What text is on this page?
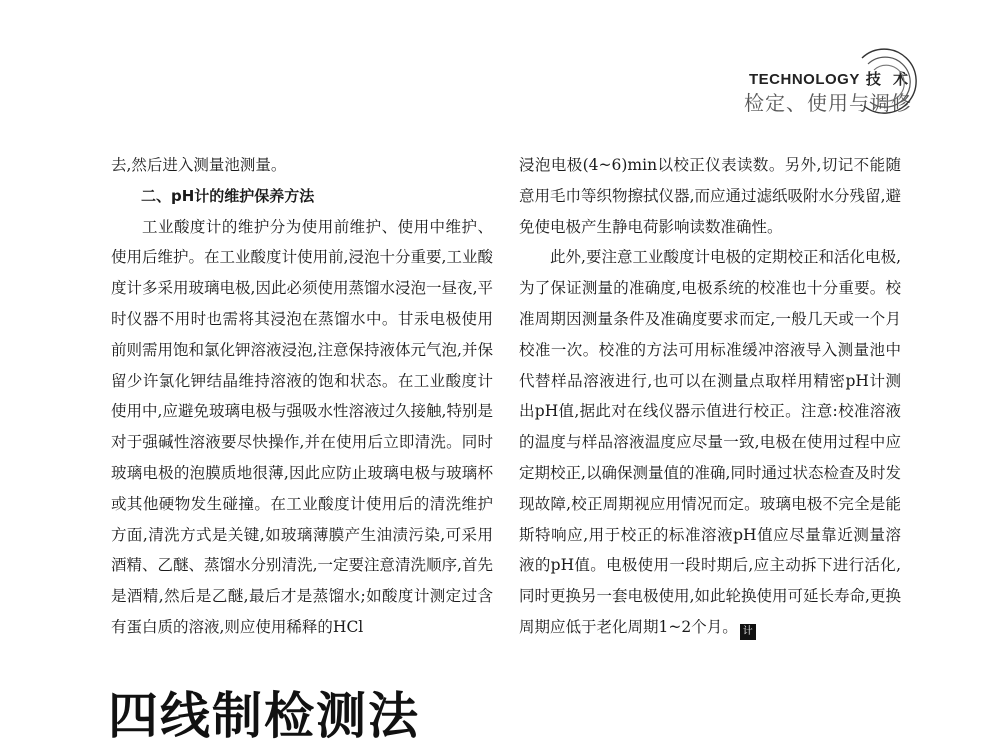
TECHNOLOGY 技 术
检定、使用与调修

去,然后进入测量池测量。

二、pH计的维护保养方法

工业酸度计的维护分为使用前维护、使用中维护、使用后维护。在工业酸度计使用前,浸泡十分重要,工业酸度计多采用玻璃电极,因此必须使用蒸馏水浸泡一昼夜,平时仪器不用时也需将其浸泡在蒸馏水中。甘汞电极使用前则需用饱和氯化钾溶液浸泡,注意保持液体元气泡,并保留少许氯化钾结晶维持溶液的饱和状态。在工业酸度计使用中,应避免玻璃电极与强吸水性溶液过久接触,特别是对于强碱性溶液要尽快操作,并在使用后立即清洗。同时玻璃电极的泡膜质地很薄,因此应防止玻璃电极与玻璃杯或其他硬物发生碰撞。在工业酸度计使用后的清洗维护方面,清洗方式是关键,如玻璃薄膜产生油渍污染,可采用酒精、乙醚、蒸馏水分别清洗,一定要注意清洗顺序,首先是酒精,然后是乙醚,最后才是蒸馏水;如酸度计测定过含有蛋白质的溶液,则应使用稀释的HCl

浸泡电极(4~6)min以校正仪表读数。另外,切记不能随意用毛巾等织物擦拭仪器,而应通过滤纸吸附水分残留,避免使电极产生静电荷影响读数准确性。

此外,要注意工业酸度计电极的定期校正和活化电极,为了保证测量的准确度,电极系统的校准也十分重要。校准周期因测量条件及准确度要求而定,一般几天或一个月校准一次。校准的方法可用标准缓冲溶液导入测量池中代替样品溶液进行,也可以在测量点取样用精密pH计测出pH值,据此对在线仪器示值进行校正。注意:校准溶液的温度与样品溶液温度应尽量一致,电极在使用过程中应定期校正,以确保测量值的准确,同时通过状态检查及时发现故障,校正周期视应用情况而定。玻璃电极不完全是能斯特响应,用于校正的标准溶液pH值应尽量靠近测量溶液的pH值。电极使用一段时期后,应主动拆下进行活化,同时更换另一套电极使用,如此轮换使用可延长寿命,更换周期应低于老化周期1~2个月。 计

四线制检测法
